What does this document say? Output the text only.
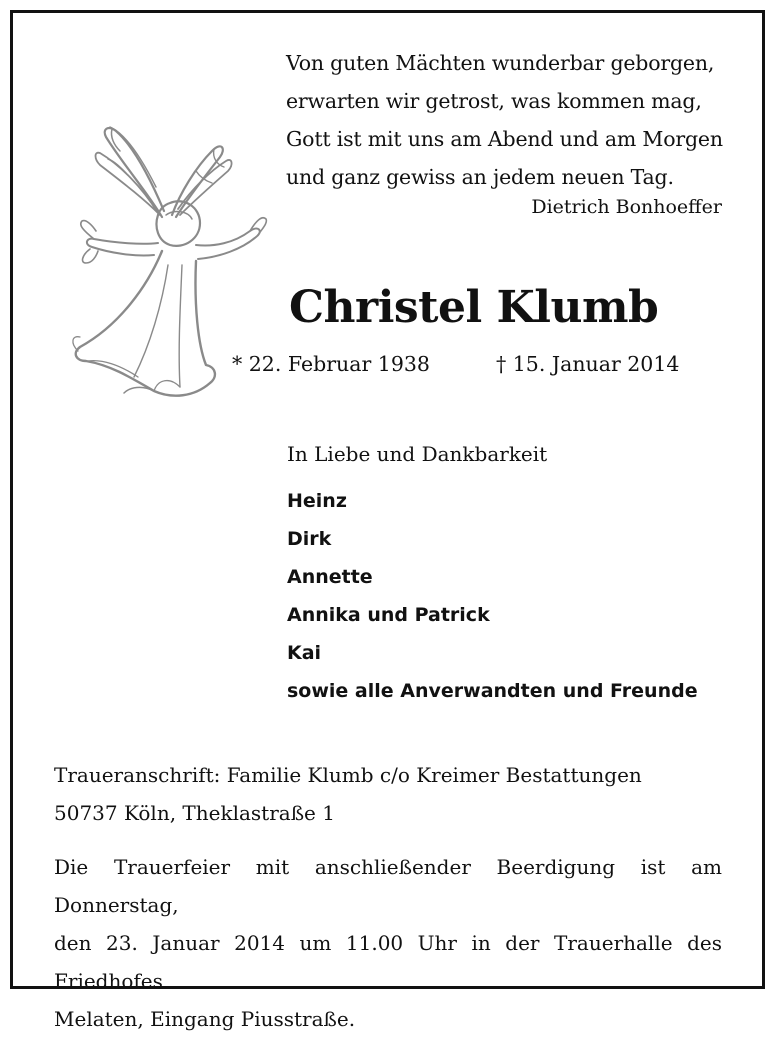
Von guten Mächten wunderbar geborgen,
erwarten wir getrost, was kommen mag,
Gott ist mit uns am Abend und am Morgen
und ganz gewiss an jedem neuen Tag.
Dietrich Bonhoeffer
Christel Klumb
* 22. Februar 1938	† 15. Januar 2014
In Liebe und Dankbarkeit
Heinz
Dirk
Annette
Annika und Patrick
Kai
sowie alle Anverwandten und Freunde
Traueranschrift: Familie Klumb c/o Kreimer Bestattungen
50737 Köln, Theklastraße 1
Die Trauerfeier mit anschließender Beerdigung ist am Donnerstag,
den 23. Januar 2014 um 11.00 Uhr in der Trauerhalle des Friedhofes
Melaten, Eingang Piusstraße.
